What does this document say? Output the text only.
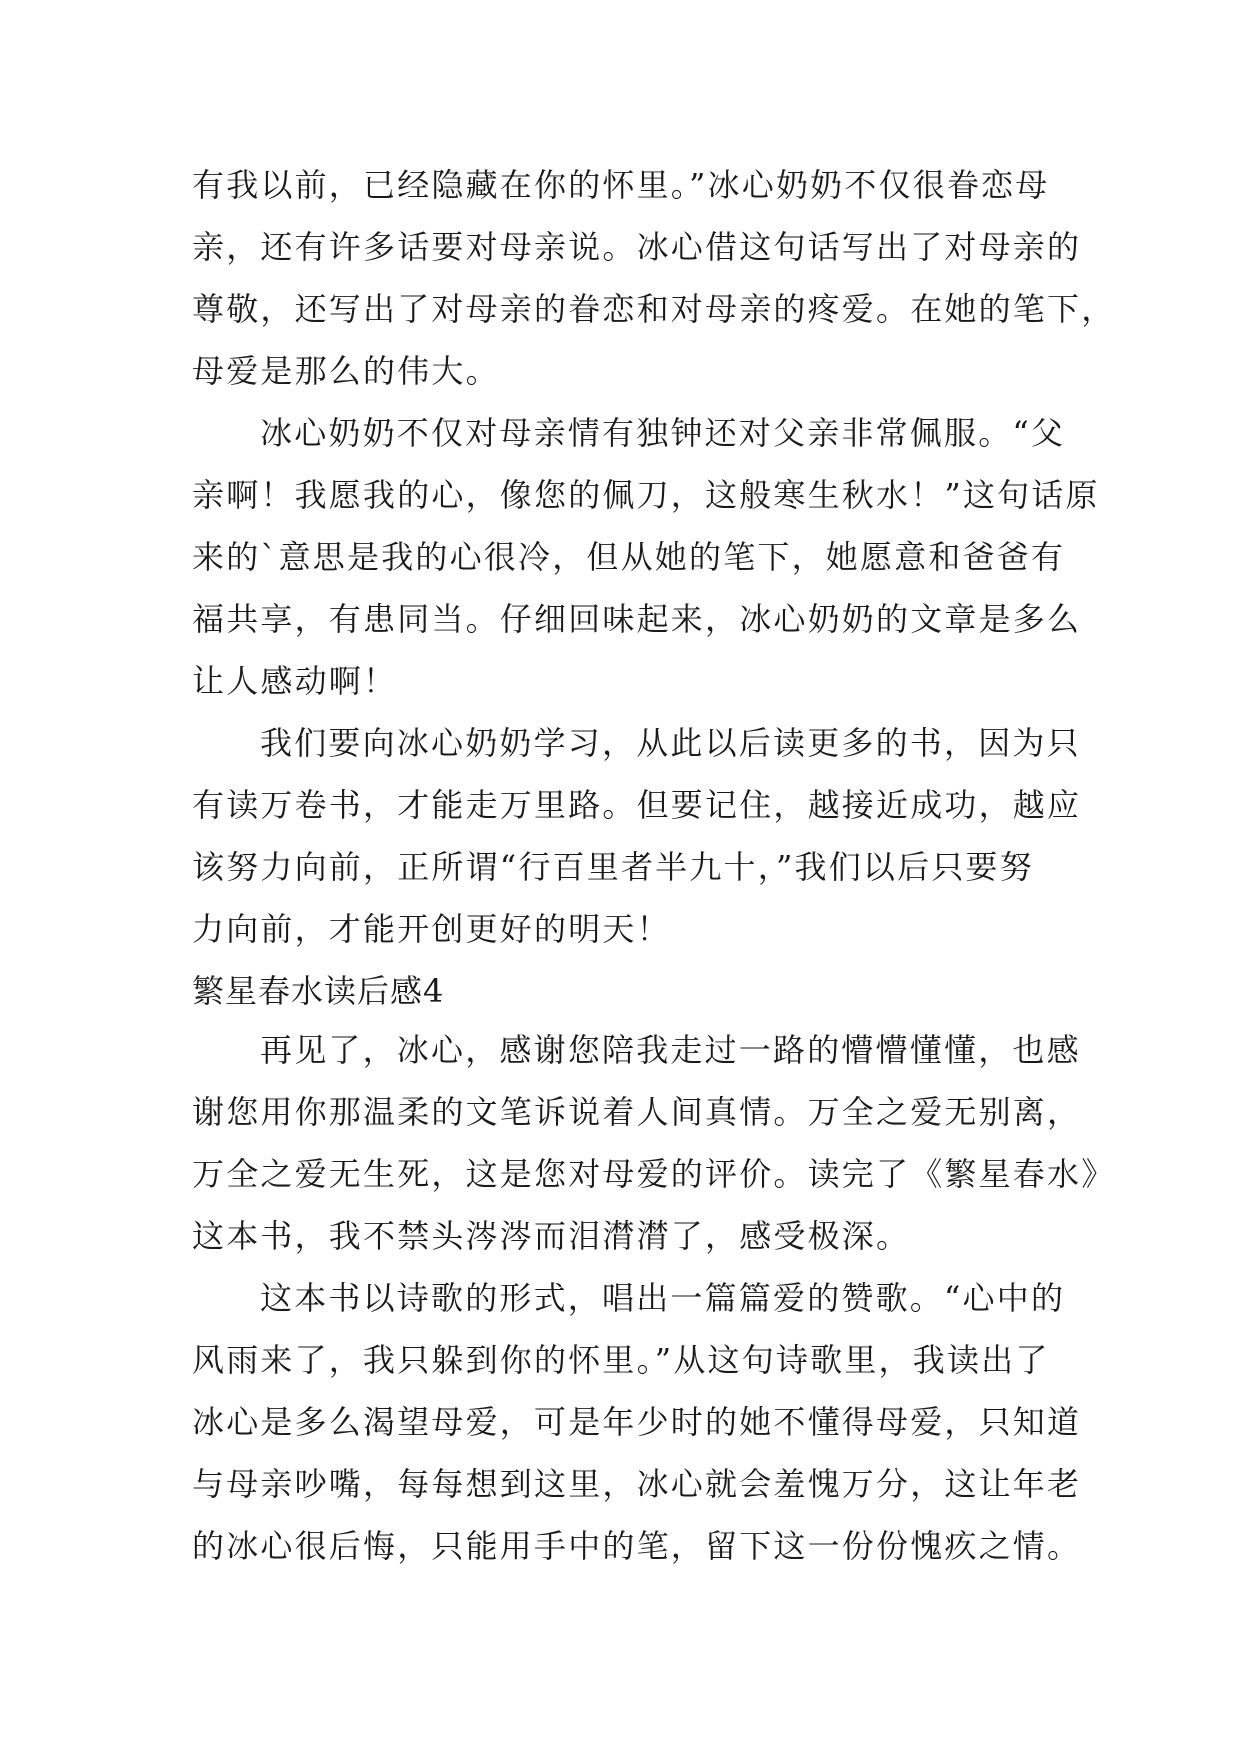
有我以前，已经隐藏在你的怀里。”冰心奶奶不仅很眷恋母
亲，还有许多话要对母亲说。冰心借这句话写出了对母亲的
尊敬，还写出了对母亲的眷恋和对母亲的疼爱。在她的笔下，
母爱是那么的伟大。
冰心奶奶不仅对母亲情有独钟还对父亲非常佩服。“父
亲啊！我愿我的心，像您的佩刀，这般寒生秋水！”这句话原
来的`意思是我的心很冷，但从她的笔下，她愿意和爸爸有
福共享，有患同当。仔细回味起来，冰心奶奶的文章是多么
让人感动啊！
我们要向冰心奶奶学习，从此以后读更多的书，因为只
有读万卷书，才能走万里路。但要记住，越接近成功，越应
该努力向前，正所谓“行百里者半九十，”我们以后只要努
力向前，才能开创更好的明天！
繁星春水读后感4
再见了，冰心，感谢您陪我走过一路的懵懵懂懂，也感
谢您用你那温柔的文笔诉说着人间真情。万全之爱无别离，
万全之爱无生死，这是您对母爱的评价。读完了《繁星春水》
这本书，我不禁头涔涔而泪潸潸了，感受极深。
这本书以诗歌的形式，唱出一篇篇爱的赞歌。“心中的
风雨来了，我只躲到你的怀里。”从这句诗歌里，我读出了
冰心是多么渴望母爱，可是年少时的她不懂得母爱，只知道
与母亲吵嘴，每每想到这里，冰心就会羞愧万分，这让年老
的冰心很后悔，只能用手中的笔，留下这一份份愧疚之情。
